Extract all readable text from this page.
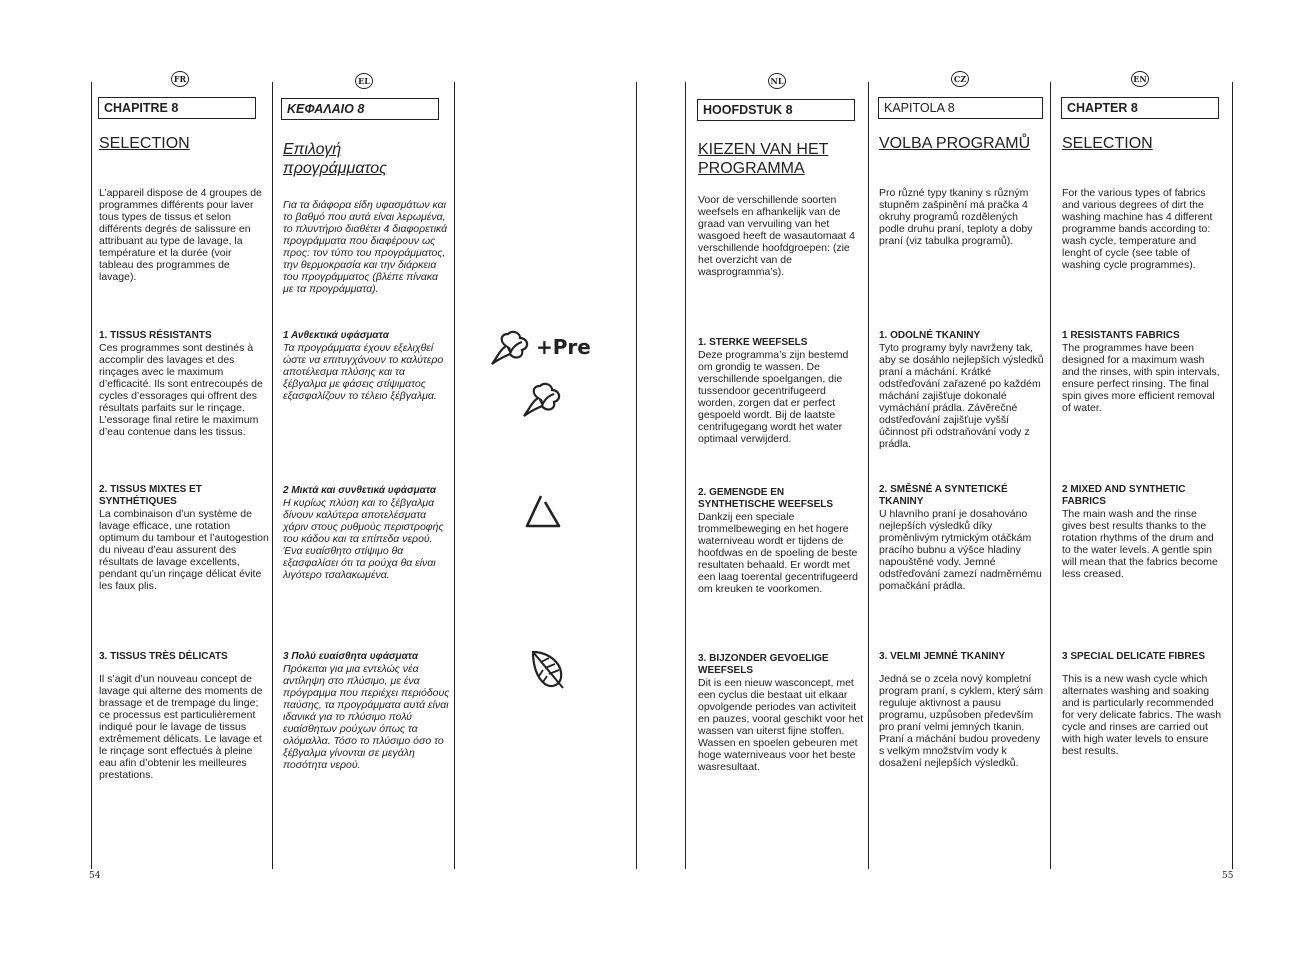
FR
CHAPITRE 8
SELECTION
L’appareil dispose de 4 groupes de programmes différents pour laver tous types de tissus et selon différents degrés de salissure en attribuant au type de lavage, la température et la durée (voir tableau des programmes de lavage).
1. TISSUS RÉSISTANTS
Ces programmes sont destinés à accomplir des lavages et des rinçages avec le maximum d’efficacité. Ils sont entrecoupés de cycles d’essorages qui offrent des résultats parfaits sur le rinçage. L’essorage final retire le maximum d’eau contenue dans les tissus.
2. TISSUS MIXTES ET SYNTHÉTIQUES
La combinaison d’un système de lavage efficace, une rotation optimum du tambour et l’autogestion du niveau d’eau assurent des résultats de lavage excellents, pendant qu’un rinçage délicat évite les faux plis.
3. TISSUS TRÈS DÉLICATS
Il s’agit d’un nouveau concept de lavage qui alterne des moments de brassage et de trempage du linge; ce processus est particulièrement indiqué pour le lavage de tissus extrêmement délicats. Le lavage et le rinçage sont effectués à pleine eau afin d’obtenir les meilleures prestations.
EL
ΚΕΦΑΛΑΙΟ 8
Επιλογή προγράμματος
Για τα διάφορα είδη υφασμάτων και το βαθμό που αυτά είναι λερωμένα, το πλυντήριο διαθέτει 4 διαφορετικά προγράμματα που διαφέρουν ως προς: τον τύπο του προγράμματος, την θερμοκρασία και την διάρκεια του προγράμματος (βλέπε πίνακα με τα προγράμματα).
1 Ανθεκτικά υφάσματα
Τα προγράμματα έχουν εξελιχθεί ώστε να επιτυγχάνουν το καλύτερο αποτέλεσμα πλύσης και τα ξέβγαλμα με φάσεις στίψιματος εξασφαλίζουν το τέλειο ξέβγαλμα.
2 Μικτά και συνθετικά υφάσματα
Η κυρίως πλύση και το ξέβγαλμα δίνουν καλύτερα αποτελέσματα χάριν στους ρυθμούς περιστροφής του κάδου και τα επίπεδα νερού. Ένα ευαίσθητο στίψιμο θα εξασφαλίσει ότι τα ρούχα θα είναι λιγότερο τσαλακωμένα.
3 Πολύ ευαίσθητα υφάσματα
Πρόκειται για μια εντελώς νέα αντίληψη στο πλύσιμο, με ένα πρόγραμμα που περιέχει περιόδους παύσης, τα προγράμματα αυτά είναι ιδανικά για το πλύσιμο πολύ ευαίσθητων ρούχων όπως τα ολόμαλλα. Τόσο το πλύσιμο όσο το ξέβγαλμα γίνονται σε μεγάλη ποσότητα νερού.
+Pre
NL
HOOFDSTUK 8
KIEZEN VAN HET PROGRAMMA
Voor de verschillende soorten weefsels en afhankelijk van de graad van vervuiling van het wasgoed heeft de wasautomaat 4 verschillende hoofdgroepen: (zie het overzicht van de wasprogramma’s).
1. STERKE WEEFSELS
Deze programma’s zijn bestemd om grondig te wassen. De verschillende spoelgangen, die tussendoor gecentrifugeerd worden, zorgen dat er perfect gespoeld wordt. Bij de laatste centrifugegang wordt het water optimaal verwijderd.
2. GEMENGDE EN SYNTHETISCHE WEEFSELS
Dankzij een speciale trommelbeweging en het hogere waterniveau wordt er tijdens de hoofdwas en de spoeling de beste resultaten behaald. Er wordt met een laag toerental gecentrifugeerd om kreuken te voorkomen.
3. BIJZONDER GEVOELIGE WEEFSELS
Dit is een nieuw wasconcept, met een cyclus die bestaat uit elkaar opvolgende periodes van activiteit en pauzes, vooral geschikt voor het wassen van uiterst fijne stoffen. Wassen en spoelen gebeuren met hoge waterniveaus voor het beste wasresultaat.
CZ
KAPITOLA 8
VOLBA PROGRAMŮ
Pro různé typy tkaniny s různým stupněm zašpinění má pračka 4 okruhy programů rozdělených podle druhu praní, teploty a doby praní (viz tabulka programů).
1. ODOLNÉ TKANINY
Tyto programy byly navrženy tak, aby se dosáhlo nejlepších výsledků praní a máchání. Krátké odstřeďování zařazené po každém máchání zajišťuje dokonalé vymáchání prádla. Závěrečné odstřeďování zajišťuje vyšší účinnost při odstraňování vody z prádla.
2. SMĚSNÉ A SYNTETICKÉ TKANINY
U hlavního praní je dosahováno nejlepších výsledků díky proměnlivým rytmickým otáčkám pracího bubnu a výšce hladiny napouštěné vody. Jemné odstřeďování zamezí nadměrnému pomačkání prádla.
3. VELMI JEMNÉ TKANINY
Jedná se o zcela nový kompletní program praní, s cyklem, který sám reguluje aktivnost a pausu programu, uzpůsoben především pro praní velmi jemných tkanin. Praní a máchání budou provedeny s velkým množstvím vody k dosažení nejlepších výsledků.
EN
CHAPTER 8
SELECTION
For the various types of fabrics and various degrees of dirt the washing machine has 4 different programme bands according to: wash cycle, temperature and lenght of cycle (see table of washing cycle programmes).
1 RESISTANTS FABRICS
The programmes have been designed for a maximum wash and the rinses, with spin intervals, ensure perfect rinsing. The final spin gives more efficient removal of water.
2 MIXED AND SYNTHETIC FABRICS
The main wash and the rinse gives best results thanks to the rotation rhythms of the drum and to the water levels. A gentle spin will mean that the fabrics become less creased.
3 SPECIAL DELICATE FIBRES
This is a new wash cycle which alternates washing and soaking and is particularly recommended for very delicate fabrics. The wash cycle and rinses are carried out with high water levels to ensure best results.
54	55
